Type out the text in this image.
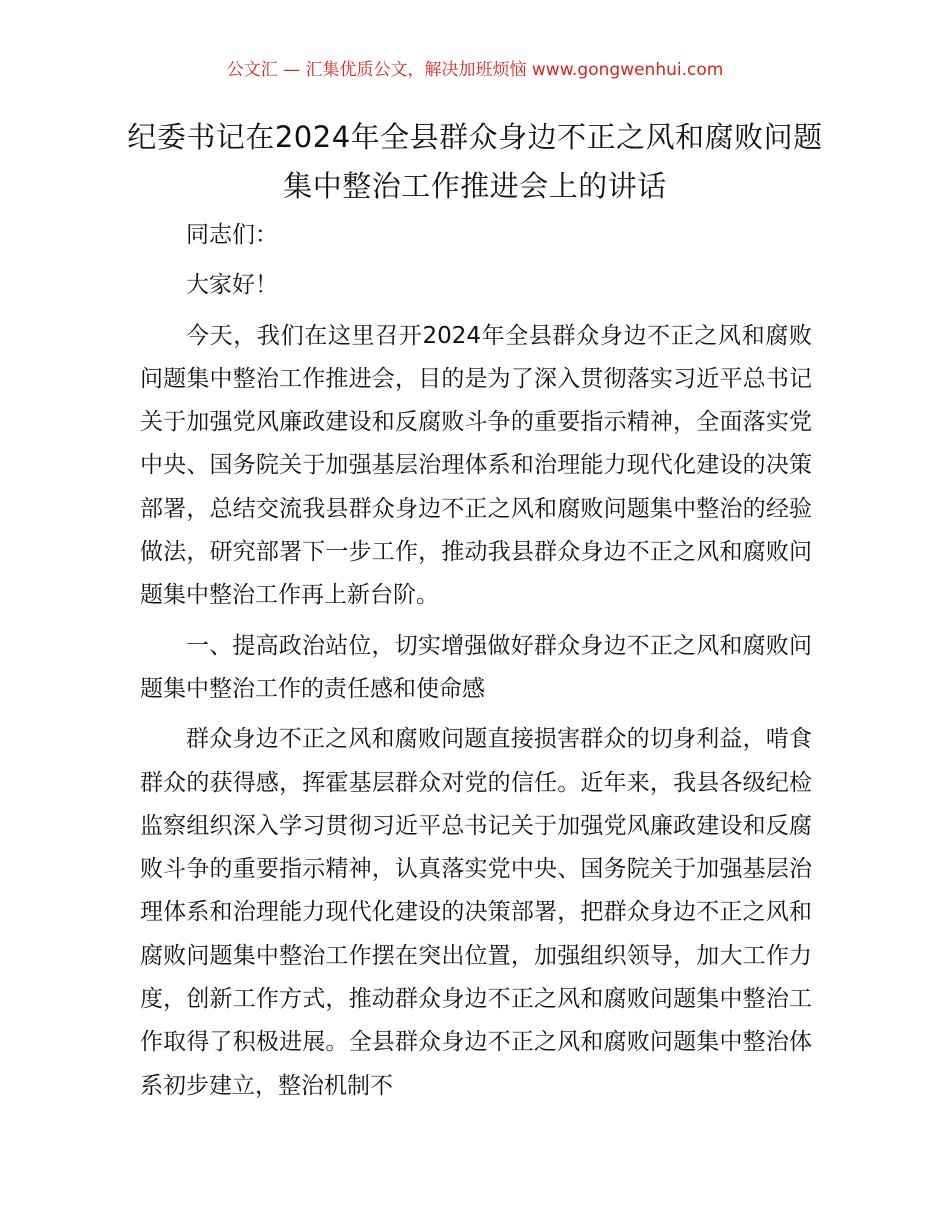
公文汇 — 汇集优质公文，解决加班烦恼 www.gongwenhui.com
纪委书记在2024年全县群众身边不正之风和腐败问题集中整治工作推进会上的讲话

同志们：

大家好！

今天，我们在这里召开2024年全县群众身边不正之风和腐败问题集中整治工作推进会，目的是为了深入贯彻落实习近平总书记关于加强党风廉政建设和反腐败斗争的重要指示精神，全面落实党中央、国务院关于加强基层治理体系和治理能力现代化建设的决策部署，总结交流我县群众身边不正之风和腐败问题集中整治的经验做法，研究部署下一步工作，推动我县群众身边不正之风和腐败问题集中整治工作再上新台阶。

一、提高政治站位，切实增强做好群众身边不正之风和腐败问题集中整治工作的责任感和使命感

群众身边不正之风和腐败问题直接损害群众的切身利益，啃食群众的获得感，挥霍基层群众对党的信任。近年来，我县各级纪检监察组织深入学习贯彻习近平总书记关于加强党风廉政建设和反腐败斗争的重要指示精神，认真落实党中央、国务院关于加强基层治理体系和治理能力现代化建设的决策部署，把群众身边不正之风和腐败问题集中整治工作摆在突出位置，加强组织领导，加大工作力度，创新工作方式，推动群众身边不正之风和腐败问题集中整治工作取得了积极进展。全县群众身边不正之风和腐败问题集中整治体系初步建立，整治机制不
